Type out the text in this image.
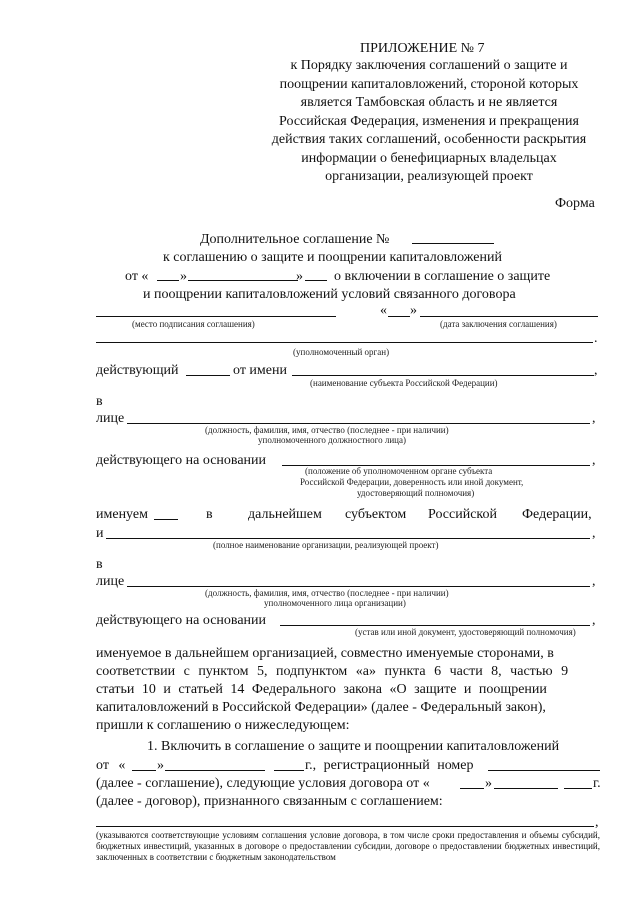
ПРИЛОЖЕНИЕ № 7
к Порядку заключения соглашений о защите и
поощрении капиталовложений, стороной которых
является Тамбовская область и не является
Российская Федерация, изменения и прекращения
действия таких соглашений, особенности раскрытия
информации о бенефициарных владельцах
организации, реализующей проект
Форма
Дополнительное соглашение №
к соглашению о защите и поощрении капиталовложений
от « »	» о включении в соглашение о защите
и поощрении капиталовложений условий связанного договора
« »
(место подписания соглашения)	(дата заключения соглашения)
.
(уполномоченный орган)
действующий	от имени	,
(наименование субъекта Российской Федерации)
в
лице	,
(должность, фамилия, имя, отчество (последнее - при наличии)
уполномоченного должностного лица)
действующего на основании	,
(положение об уполномоченном органе субъекта
Российской Федерации, доверенность или иной документ,
удостоверяющий полномочия)
именуем	в	дальнейшем субъектом Российской Федерации,
и	,
(полное наименование организации, реализующей проект)
в
лице	,
(должность, фамилия, имя, отчество (последнее - при наличии)
уполномоченного лица организации)
действующего на основании	,
(устав или иной документ, удостоверяющий полномочия)
именуемое в дальнейшем организацией, совместно именуемые сторонами, в
соответствии с пунктом 5, подпунктом «а» пункта 6 части 8, частью 9
статьи 10 и статьей 14 Федерального закона «О защите и поощрении
капиталовложений в Российской Федерации» (далее - Федеральный закон),
пришли к соглашению о нижеследующем:
1. Включить в соглашение о защите и поощрении капиталовложений
от « »	г., регистрационный номер
(далее - соглашение), следующие условия договора от «	»	г.
(далее - договор), признанного связанным с соглашением:
,
(указываются соответствующие условиям соглашения условие договора, в том числе сроки предоставления и объемы субсидий, бюджетных инвестиций, указанных в договоре о предоставлении субсидии, договоре о предоставлении бюджетных инвестиций, заключенных в соответствии с бюджетным законодательством
